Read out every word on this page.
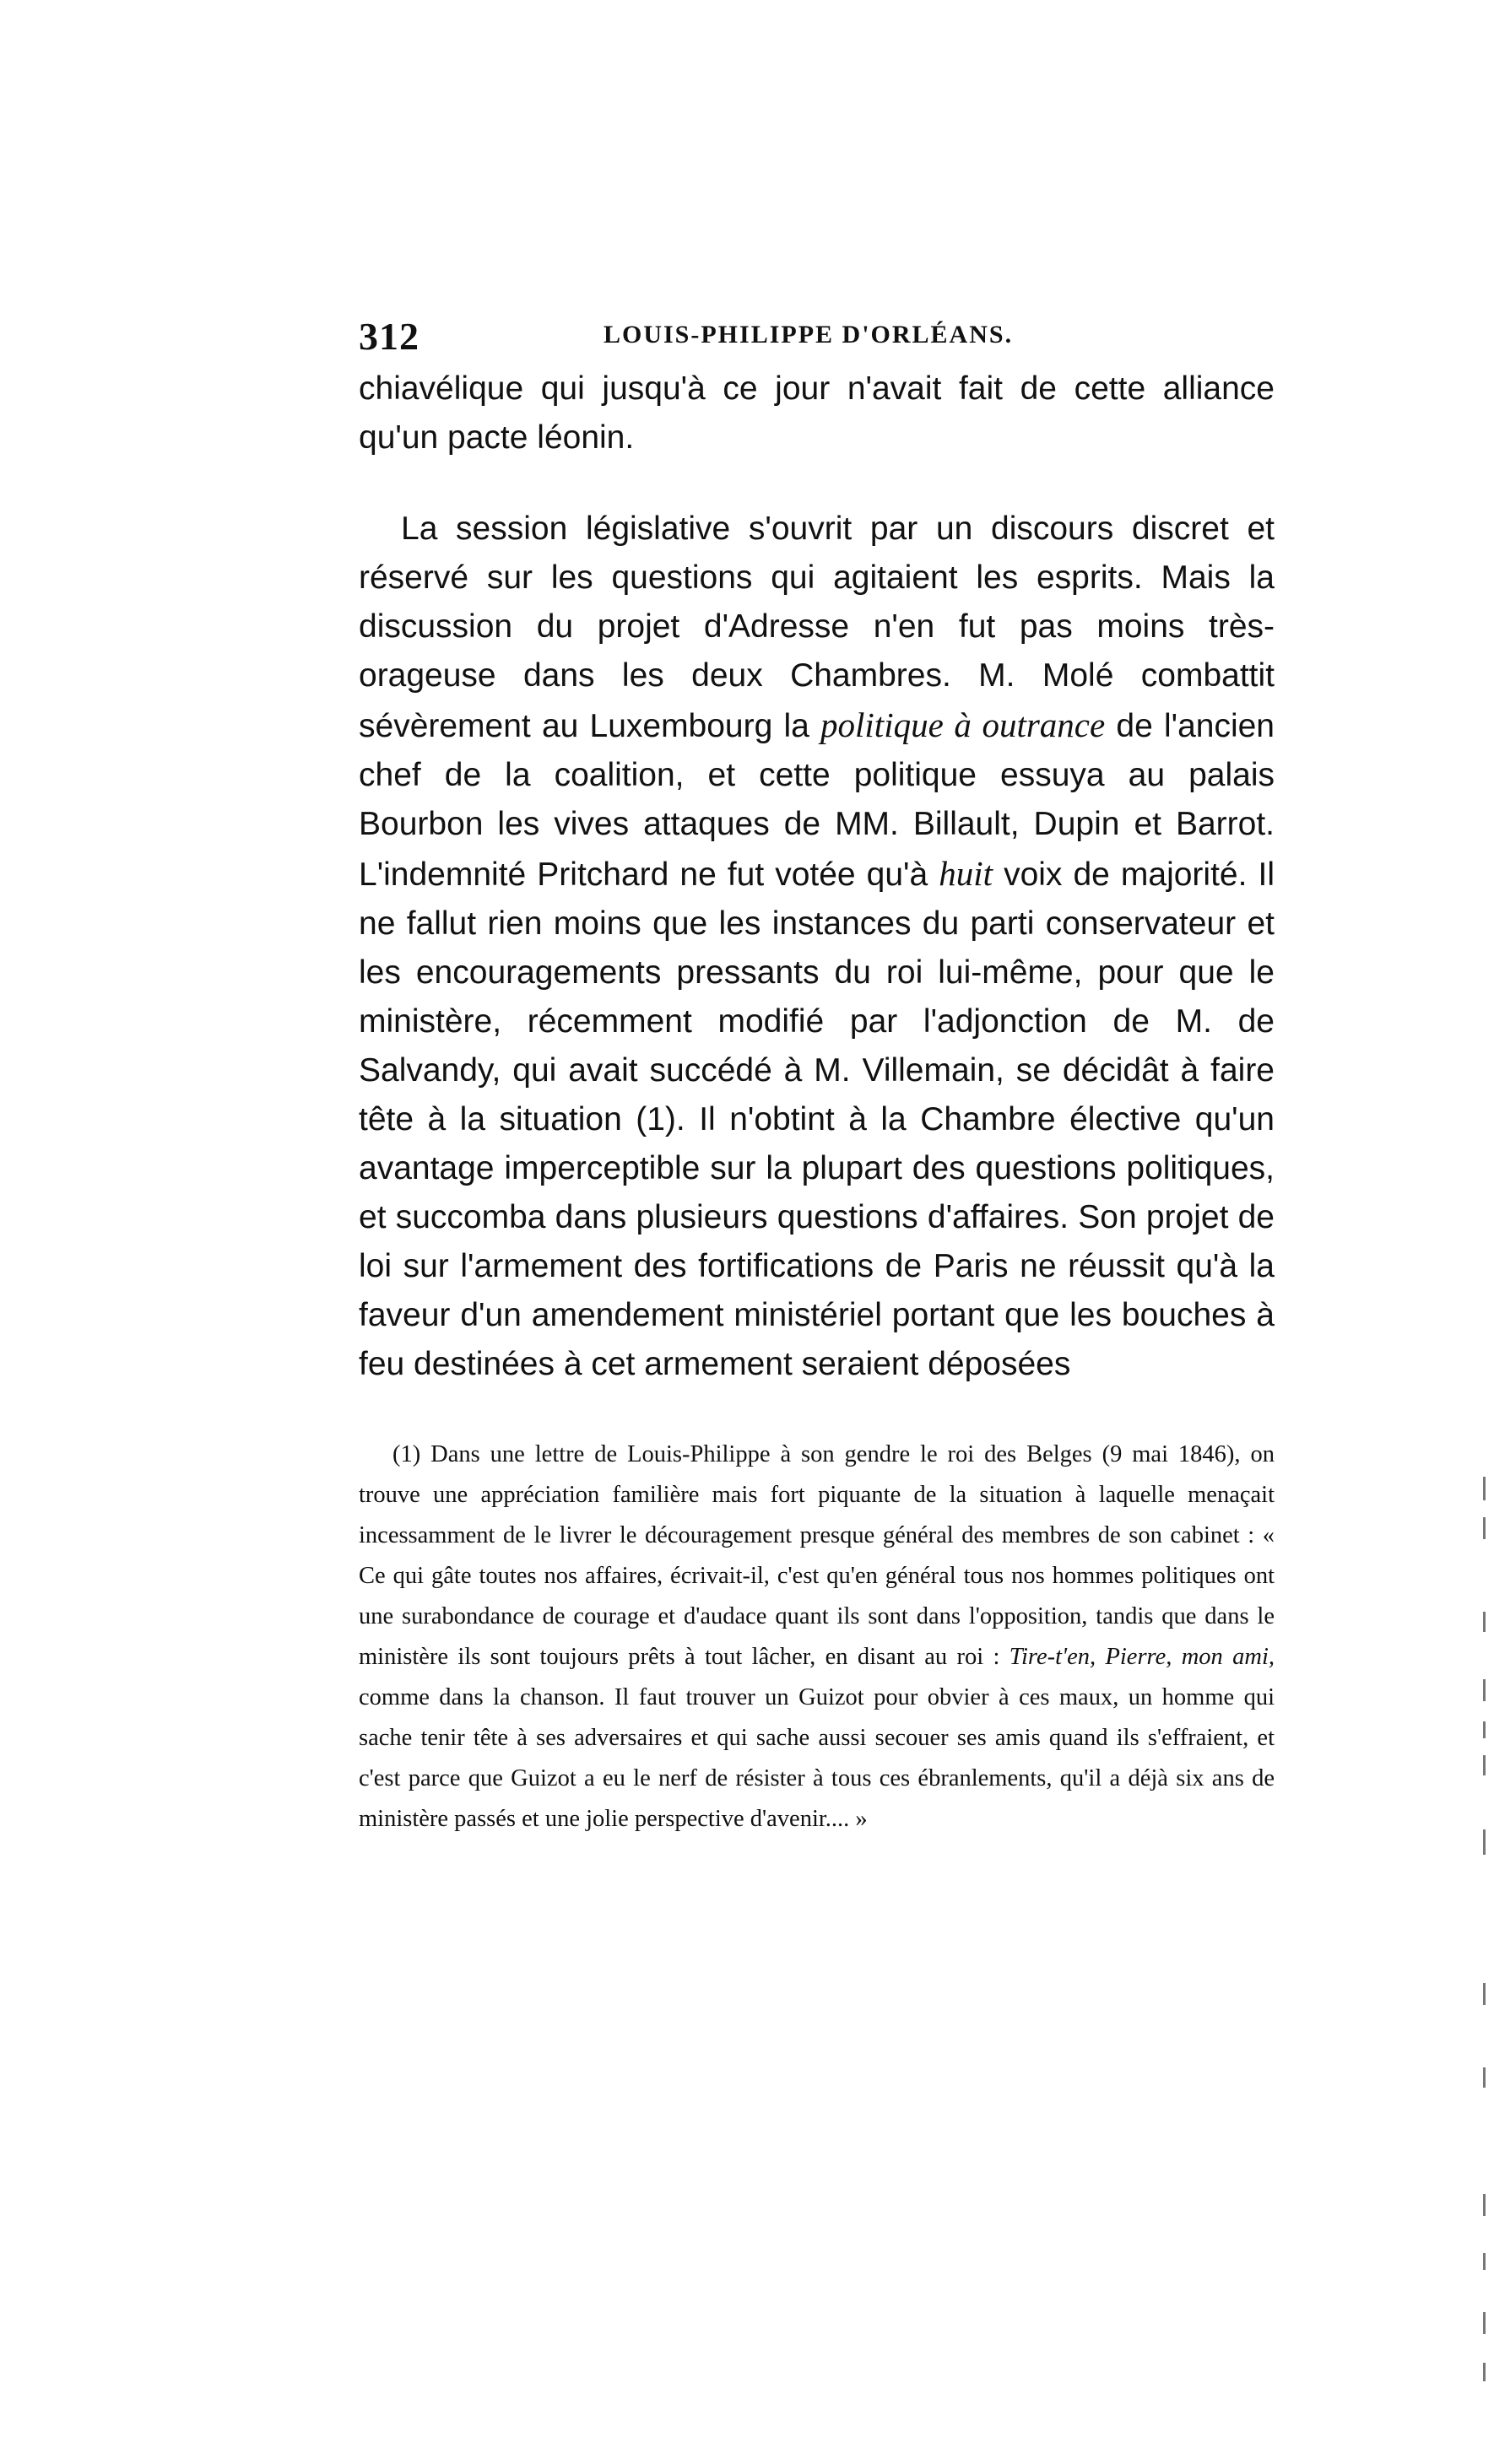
312	LOUIS-PHILIPPE D'ORLÉANS.

chiavélique qui jusqu'à ce jour n'avait fait de cette alliance qu'un pacte léonin.

La session législative s'ouvrit par un discours discret et réservé sur les questions qui agitaient les esprits. Mais la discussion du projet d'Adresse n'en fut pas moins très-orageuse dans les deux Chambres. M. Molé combattit sévèrement au Luxembourg la politique à outrance de l'ancien chef de la coalition, et cette politique essuya au palais Bourbon les vives attaques de MM. Billault, Dupin et Barrot. L'indemnité Pritchard ne fut votée qu'à huit voix de majorité. Il ne fallut rien moins que les instances du parti conservateur et les encouragements pressants du roi lui-même, pour que le ministère, récemment modifié par l'adjonction de M. de Salvandy, qui avait succédé à M. Villemain, se décidât à faire tête à la situation (1). Il n'obtint à la Chambre élective qu'un avantage imperceptible sur la plupart des questions politiques, et succomba dans plusieurs questions d'affaires. Son projet de loi sur l'armement des fortifications de Paris ne réussit qu'à la faveur d'un amendement ministériel portant que les bouches à feu destinées à cet armement seraient déposées

(1) Dans une lettre de Louis-Philippe à son gendre le roi des Belges (9 mai 1846), on trouve une appréciation familière mais fort piquante de la situation à laquelle menaçait incessamment de le livrer le découragement presque général des membres de son cabinet : « Ce qui gâte toutes nos affaires, écrivait-il, c'est qu'en général tous nos hommes politiques ont une surabondance de courage et d'audace quant ils sont dans l'opposition, tandis que dans le ministère ils sont toujours prêts à tout lâcher, en disant au roi : Tire-t'en, Pierre, mon ami, comme dans la chanson. Il faut trouver un Guizot pour obvier à ces maux, un homme qui sache tenir tête à ses adversaires et qui sache aussi secouer ses amis quand ils s'effraient, et c'est parce que Guizot a eu le nerf de résister à tous ces ébranlements, qu'il a déjà six ans de ministère passés et une jolie perspective d'avenir.... »
